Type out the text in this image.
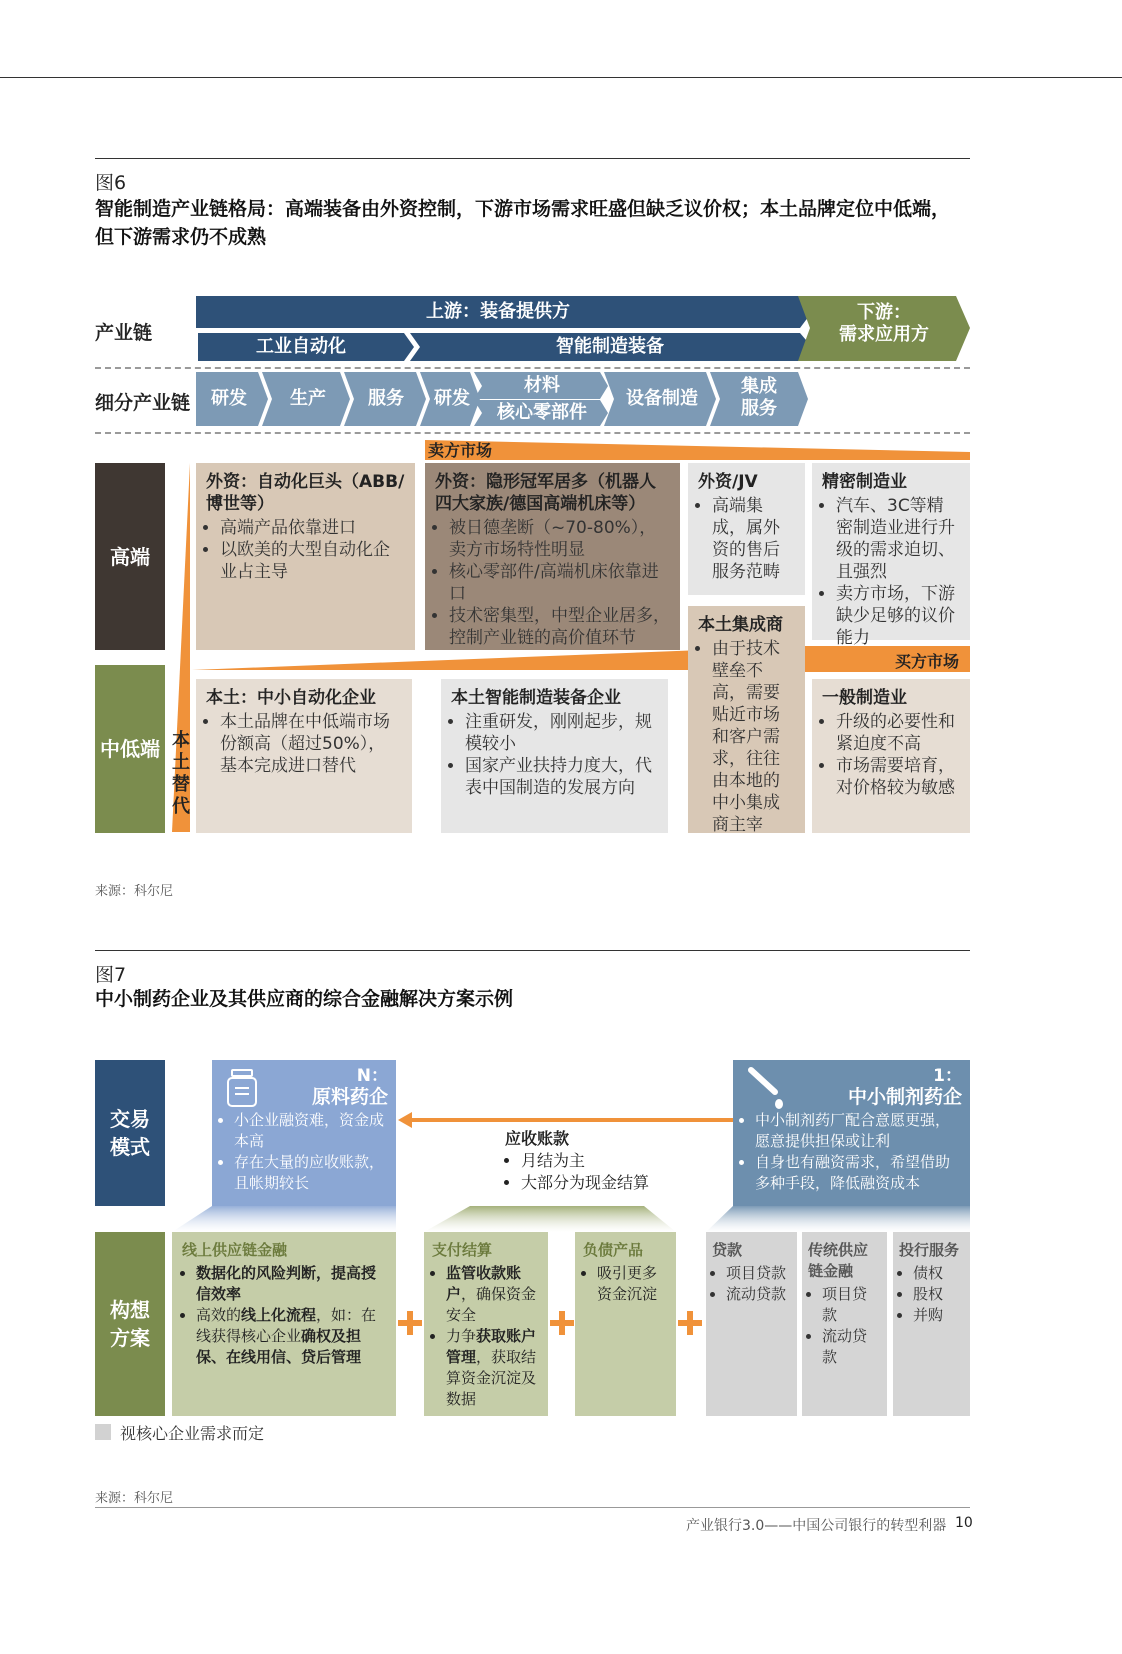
图6
智能制造产业链格局：高端装备由外资控制，下游市场需求旺盛但缺乏议价权；本土品牌定位中低端，
但下游需求仍不成熟
产业链
细分产业链
上游：装备提供方
工业自动化	智能制造装备
下游：
需求应用方
研发	生产	服务	研发
材料
核心零部件
设备制造
集成
服务
卖方市场
买方市场
高端
中低端 本
土
替
代
外资：自动化巨头（ABB/博世等）
• 高端产品依靠进口
• 以欧美的大型自动化企业占主导
外资：隐形冠军居多（机器人四大家族/德国高端机床等）
• 被日德垄断（~70-80%），卖方市场特性明显
• 核心零部件/高端机床依靠进口
• 技术密集型，中型企业居多，控制产业链的高价值环节
外资/JV
• 高端集成，属外资的售后服务范畴
精密制造业
• 汽车、3C等精密制造业进行升级的需求迫切、且强烈
• 卖方市场，下游缺少足够的议价能力
本土集成商
• 由于技术壁垒不高，需要贴近市场和客户需求，往往由本地的中小集成商主宰
本土：中小自动化企业
• 本土品牌在中低端市场份额高（超过50%），基本完成进口替代
本土智能制造装备企业
• 注重研发，刚刚起步，规模较小
• 国家产业扶持力度大，代表中国制造的发展方向
一般制造业
• 升级的必要性和紧迫度不高
• 市场需要培育，对价格较为敏感
来源：科尔尼
图7
中小制药企业及其供应商的综合金融解决方案示例
交易
模式
构想
方案
N：
原料药企
• 小企业融资难，资金成本高
• 存在大量的应收账款，且帐期较长
应收账款
• 月结为主
• 大部分为现金结算
1：
中小制剂药企
• 中小制剂药厂配合意愿更强，愿意提供担保或让利
• 自身也有融资需求，希望借助多种手段，降低融资成本
线上供应链金融
• 数据化的风险判断，提高授信效率
• 高效的线上化流程，如：在线获得核心企业确权及担保、在线用信、贷后管理
支付结算
• 监管收款账户，确保资金安全
• 力争获取账户管理，获取结算资金沉淀及数据
负债产品
• 吸引更多资金沉淀
贷款
• 项目贷款
• 流动贷款
传统供应
链金融
• 项目贷款
• 流动贷款
投行服务
• 债权
• 股权
• 并购
视核心企业需求而定
来源：科尔尼
产业银行3.0——中国公司银行的转型利器 10
